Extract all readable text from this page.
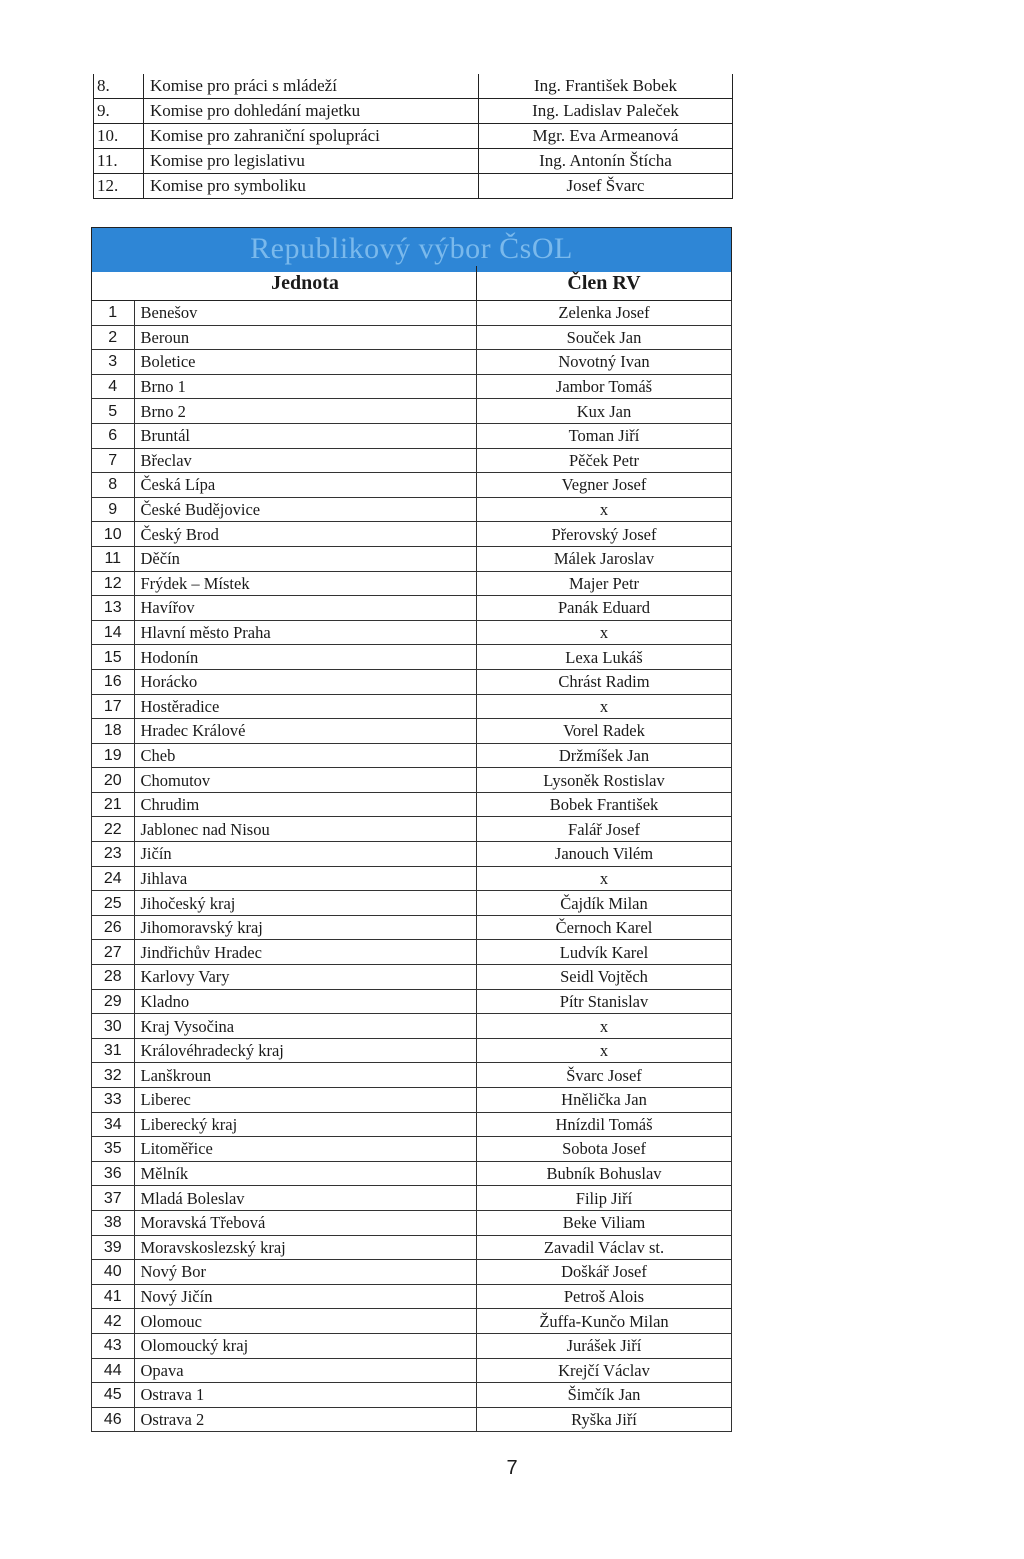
8.	Komise pro práci s mládeží	Ing. František Bobek
9.	Komise pro dohledání majetku	Ing. Ladislav Paleček
10.	Komise pro zahraniční spolupráci	Mgr. Eva Armeanová
11.	Komise pro legislativu	Ing. Antonín Štícha
12.	Komise pro symboliku	Josef Švarc
Republikový výbor ČsOL
	Jednota	Člen RV
1	Benešov	Zelenka Josef
2	Beroun	Souček Jan
3	Boletice	Novotný Ivan
4	Brno 1	Jambor Tomáš
5	Brno 2	Kux Jan
6	Bruntál	Toman Jiří
7	Břeclav	Pěček Petr
8	Česká Lípa	Vegner Josef
9	České Budějovice	x
10	Český Brod	Přerovský Josef
11	Děčín	Málek Jaroslav
12	Frýdek – Místek	Majer Petr
13	Havířov	Panák Eduard
14	Hlavní město Praha	x
15	Hodonín	Lexa Lukáš
16	Horácko	Chrást Radim
17	Hostěradice	x
18	Hradec Králové	Vorel Radek
19	Cheb	Držmíšek Jan
20	Chomutov	Lysoněk Rostislav
21	Chrudim	Bobek František
22	Jablonec nad Nisou	Falář Josef
23	Jičín	Janouch Vilém
24	Jihlava	x
25	Jihočeský kraj	Čajdík Milan
26	Jihomoravský kraj	Černoch Karel
27	Jindřichův Hradec	Ludvík Karel
28	Karlovy Vary	Seidl Vojtěch
29	Kladno	Pítr Stanislav
30	Kraj Vysočina	x
31	Královéhradecký kraj	x
32	Lanškroun	Švarc Josef
33	Liberec	Hnělička Jan
34	Liberecký kraj	Hnízdil Tomáš
35	Litoměřice	Sobota Josef
36	Mělník	Bubník Bohuslav
37	Mladá Boleslav	Filip Jiří
38	Moravská Třebová	Beke Viliam
39	Moravskoslezský kraj	Zavadil Václav st.
40	Nový Bor	Doškář Josef
41	Nový Jičín	Petroš Alois
42	Olomouc	Žuffa-Kunčo Milan
43	Olomoucký kraj	Jurášek Jiří
44	Opava	Krejčí Václav
45	Ostrava 1	Šimčík Jan
46	Ostrava 2	Ryška Jiří
7
